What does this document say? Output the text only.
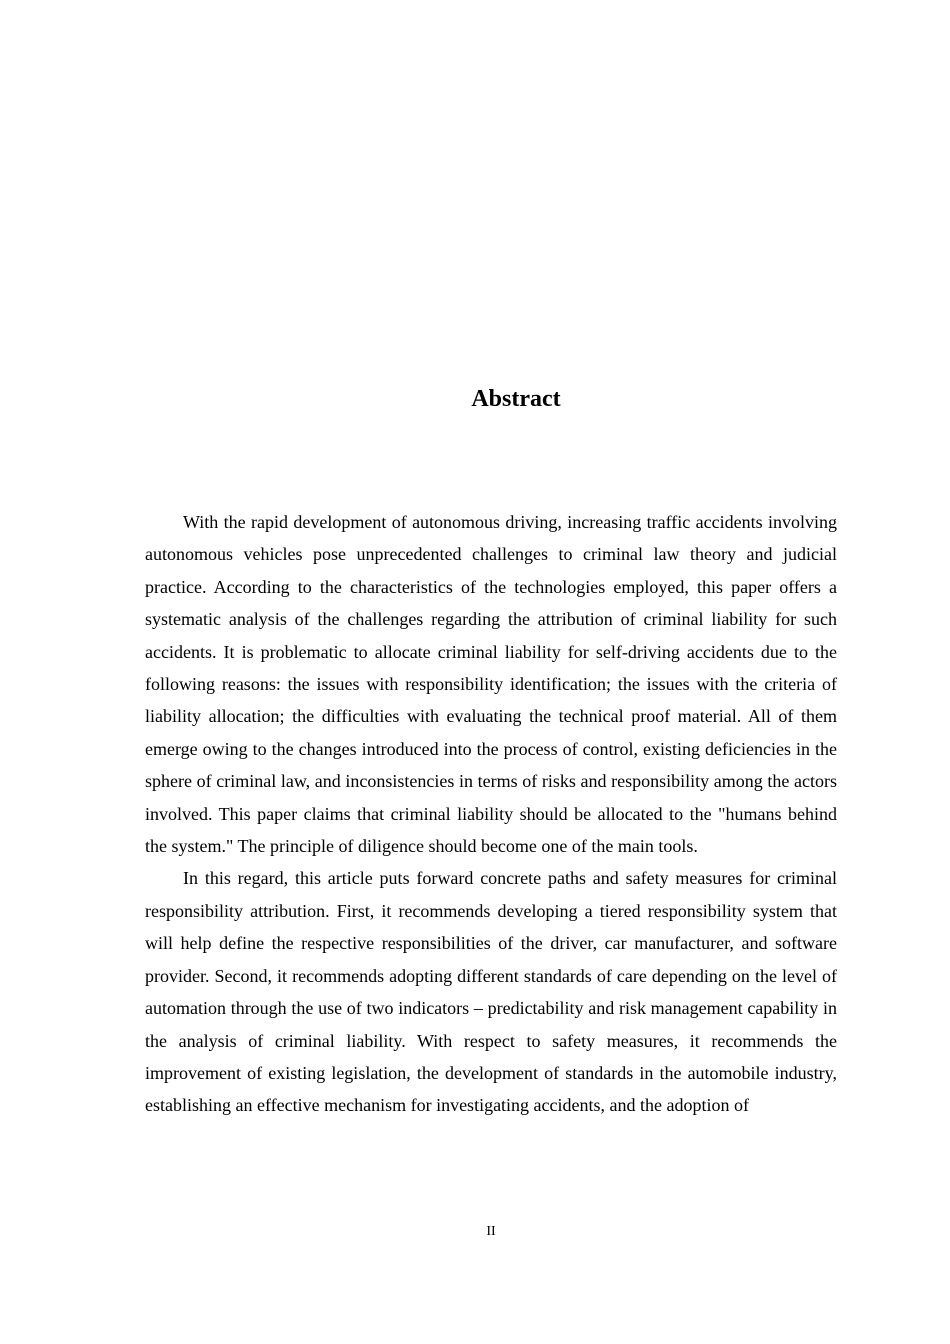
Abstract

With the rapid development of autonomous driving, increasing traffic accidents involving autonomous vehicles pose unprecedented challenges to criminal law theory and judicial practice. According to the characteristics of the technologies employed, this paper offers a systematic analysis of the challenges regarding the attribution of criminal liability for such accidents. It is problematic to allocate criminal liability for self-driving accidents due to the following reasons: the issues with responsibility identification; the issues with the criteria of liability allocation; the difficulties with evaluating the technical proof material. All of them emerge owing to the changes introduced into the process of control, existing deficiencies in the sphere of criminal law, and inconsistencies in terms of risks and responsibility among the actors involved. This paper claims that criminal liability should be allocated to the "humans behind the system." The principle of diligence should become one of the main tools.

In this regard, this article puts forward concrete paths and safety measures for criminal responsibility attribution. First, it recommends developing a tiered responsibility system that will help define the respective responsibilities of the driver, car manufacturer, and software provider. Second, it recommends adopting different standards of care depending on the level of automation through the use of two indicators – predictability and risk management capability in the analysis of criminal liability. With respect to safety measures, it recommends the improvement of existing legislation, the development of standards in the automobile industry, establishing an effective mechanism for investigating accidents, and the adoption of

II
